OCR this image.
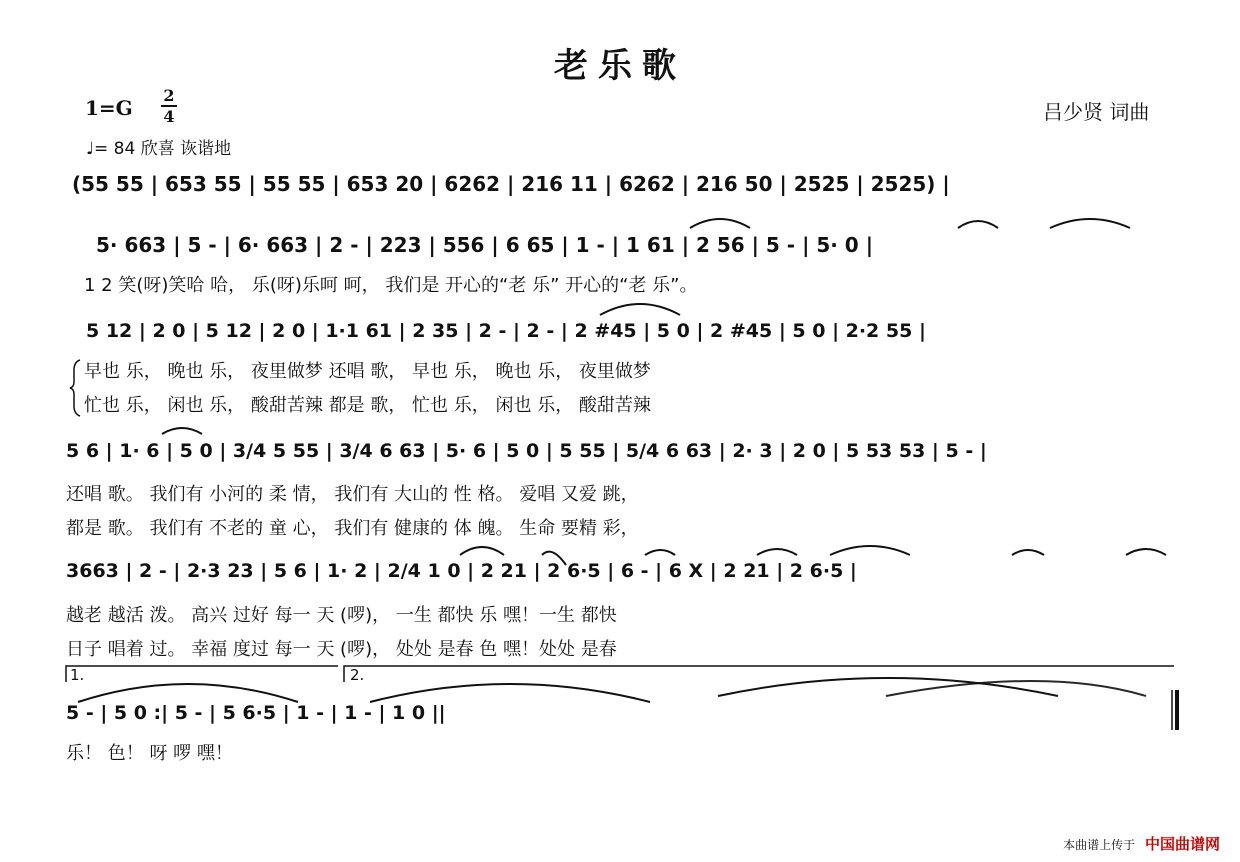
老乐歌
1=G
2
4	吕少贤 词曲
♩= 84 欣喜 诙谐地
(55 55 | 653 55 | 55 55 | 653 20 | 6262 | 216 11 | 6262 | 216 50 | 2525 | 2525) |
5· 663 | 5 - | 6· 663 | 2 - | 223 | 556 | 6 65 | 1 - | 1 61 | 2 56 | 5 - | 5· 0 |
1 2 笑(呀)笑哈 哈， 乐(呀)乐呵 呵， 我们是 开心的“老 乐” 开心的“老 乐”。
5 12 | 2 0 | 5 12 | 2 0 | 1·1 61 | 2 35 | 2 - | 2 - | 2 #45 | 5 0 | 2 #45 | 5 0 | 2·2 55 |
早也 乐， 晚也 乐， 夜里做梦 还唱 歌， 早也 乐， 晚也 乐， 夜里做梦
忙也 乐， 闲也 乐， 酸甜苦辣 都是 歌， 忙也 乐， 闲也 乐， 酸甜苦辣
5 6 | 1· 6 | 5 0 | 3/4 5 55 | 3/4 6 63 | 5· 6 | 5 0 | 5 55 | 5/4 6 63 | 2· 3 | 2 0 | 5 53 53 | 5 - |
还唱 歌。 我们有 小河的 柔 情， 我们有 大山的 性 格。 爱唱 又爱 跳，
都是 歌。 我们有 不老的 童 心， 我们有 健康的 体 魄。 生命 要精 彩，
3663 | 2 - | 2·3 23 | 5 6 | 1· 2 | 2/4 1 0 | 2 21 | 2 6·5 | 6 - | 6 X | 2 21 | 2 6·5 |
越老 越活 泼。 高兴 过好 每一 天 (啰)， 一生 都快 乐 嘿！一生 都快
日子 唱着 过。 幸福 度过 每一 天 (啰)， 处处 是春 色 嘿！处处 是春
1.	2.
5 - | 5 0 :| 5 - | 5 6·5 | 1 - | 1 - | 1 0 ||
乐！ 色！ 呀 啰 嘿！
本曲谱上传于 中国曲谱网
